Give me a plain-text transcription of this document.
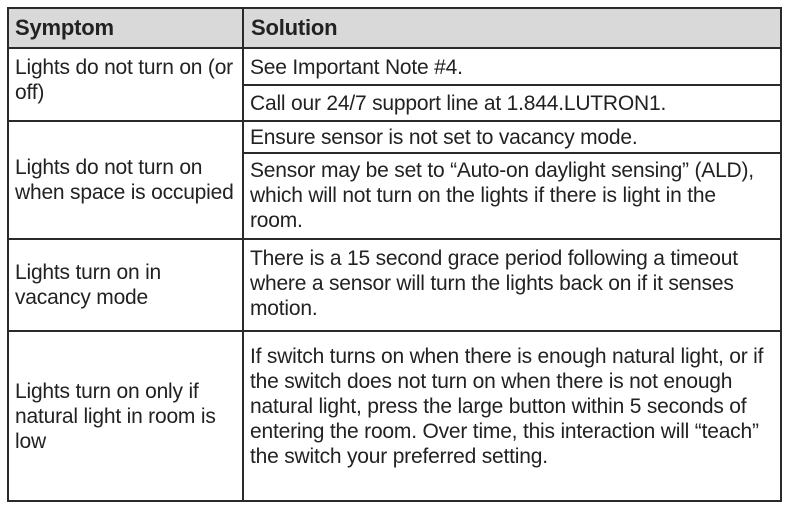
Symptom	Solution
Lights do not turn on (or off)
See Important Note #4.
Call our 24/7 support line at 1.844.LUTRON1.
Lights do not turn on when space is occupied
Ensure sensor is not set to vacancy mode.
Sensor may be set to “Auto-on daylight sensing” (ALD), which will not turn on the lights if there is light in the room.
Lights turn on in vacancy mode
There is a 15 second grace period following a timeout where a sensor will turn the lights back on if it senses motion.
Lights turn on only if natural light in room is low
If switch turns on when there is enough natural light, or if the switch does not turn on when there is not enough natural light, press the large button within 5 seconds of entering the room. Over time, this interaction will “teach” the switch your preferred setting.
